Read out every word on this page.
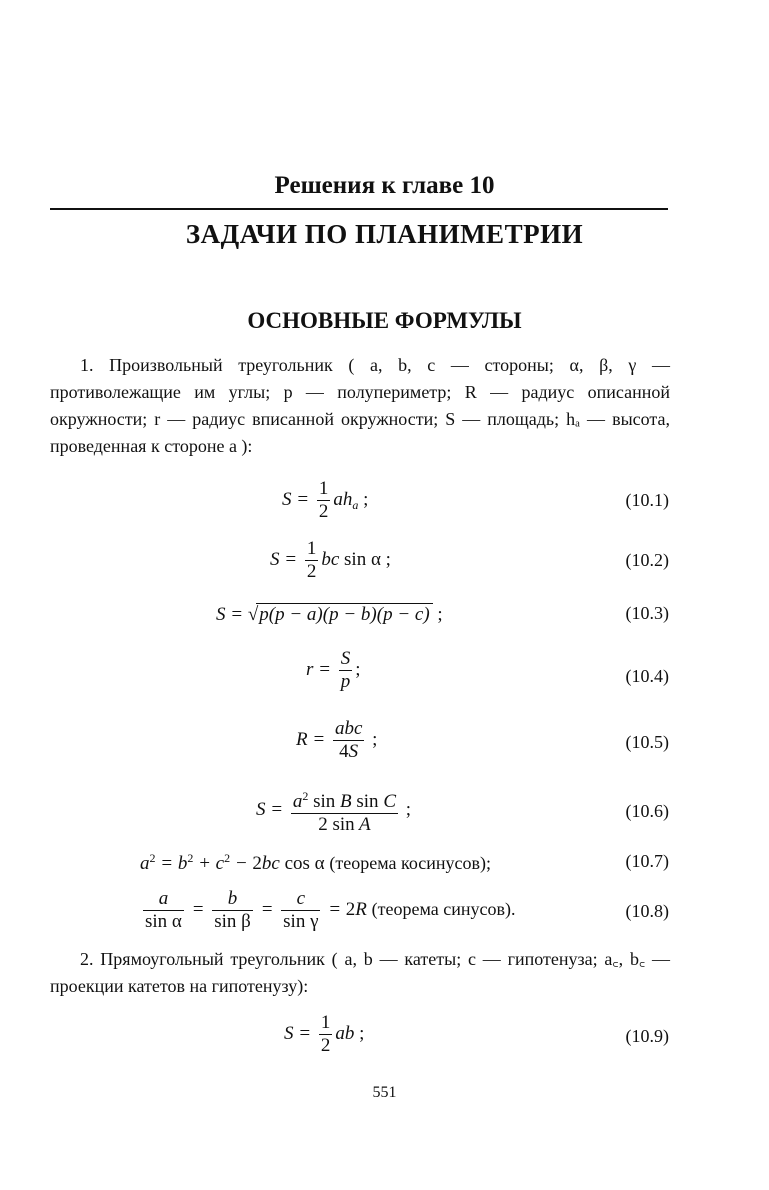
Решения к главе 10
ЗАДАЧИ ПО ПЛАНИМЕТРИИ
ОСНОВНЫЕ ФОРМУЛЫ
1. Произвольный треугольник ( a, b, c — стороны; α, β, γ — противолежащие им углы; p — полупериметр; R — радиус описанной окружности; r — радиус вписанной окружности; S — площадь; hₐ — высота, проведенная к стороне a ):
$S = \frac{1}{2} ah_a$ ;	(10.1)
$S = \frac{1}{2}$ bc sin α ;	(10.2)
S = √p(p − a)(p − b)(p − c) ;	(10.3)
$r = \frac{S}{p}$ ;	(10.4)
$R = \frac{\text{abc}}{4S}$ ;	(10.5)
$S = \frac{a^2 \sin B \sin C}{\text{2 sin A}}$ ;	(10.6)
$a^2 = b^2 + c^2 - 2bc$ cos α (теорема косинусов);	(10.7)
$\frac{a}{\text{sin α}} = \frac{b}{\text{sin β}} = \frac{c}{\text{sin γ}} = 2R$ (теорема синусов).	(10.8)
2. Прямоугольный треугольник ( a, b — катеты; c — гипотенуза; a꜀, b꜀ — проекции катетов на гипотенузу):
$S = \frac{1}{2}$ ab ;	(10.9)
551
